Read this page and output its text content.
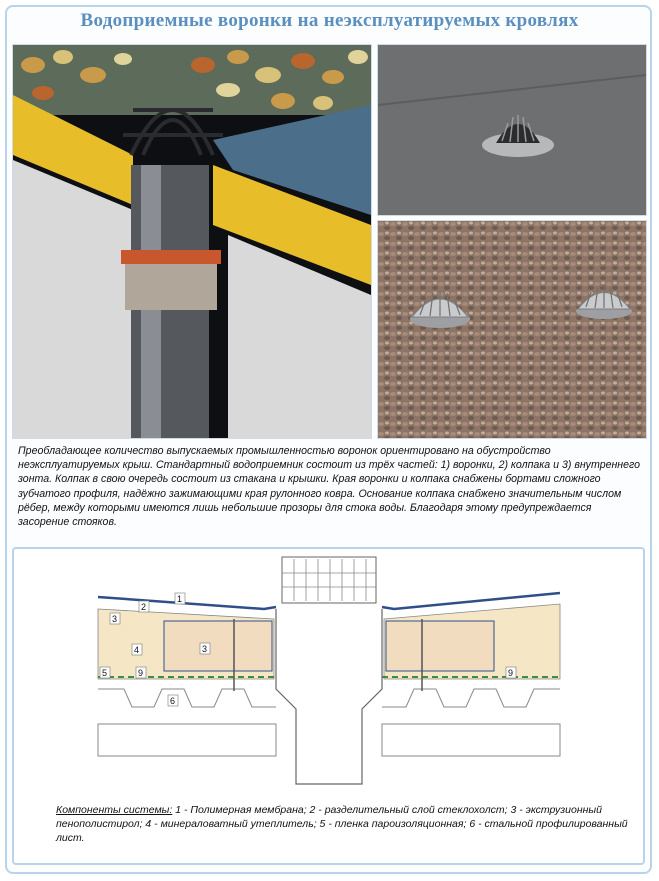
Водоприемные воронки на неэксплуатируемых кровлях
Преобладающее количество выпускаемых промышленностью воронок ориентировано на обустройство неэксплуатируемых крыш. Стандартный водоприемник состоит из трёх частей: 1) воронки, 2) колпака и 3) внутреннего зонта. Колпак в свою очередь состоит из стакана и крышки. Края воронки и колпака снабжены бортами сложного зубчатого профиля, надёжно зажимающими края рулонного ковра. Основание колпака снабжено значительным числом рёбер, между которыми имеются лишь небольшие прозоры для стока воды. Благодаря этому предупреждается засорение стояков.
1
2
3
3
4
5	9
6
9
Компоненты системы: 1 - Полимерная мембрана; 2 - разделительный слой стеклохолст; 3 - экструзионный пенополистирол; 4 - минераловатный утеплитель; 5 - пленка пароизоляционная; 6 - стальной профилированный лист.
